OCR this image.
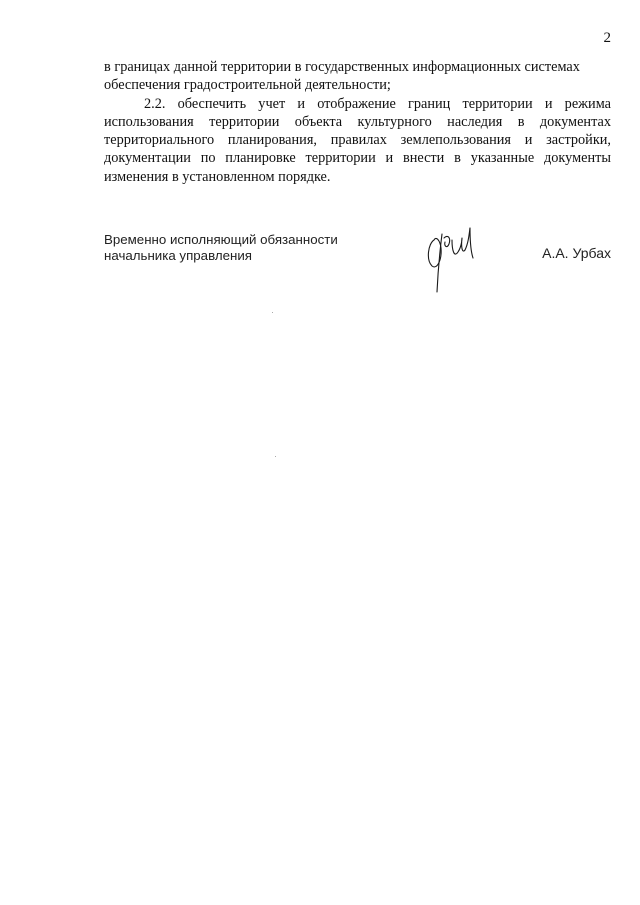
2

в границах данной территории в государственных информационных системах
обеспечения градостроительной деятельности;

2.2. обеспечить учет и отображение границ территории и режима использования территории объекта культурного наследия в документах территориального планирования, правилах землепользования и застройки, документации по планировке территории и внести в указанные документы изменения в установленном порядке.

Временно исполняющий обязанности
начальника управления	А.А. Урбах
